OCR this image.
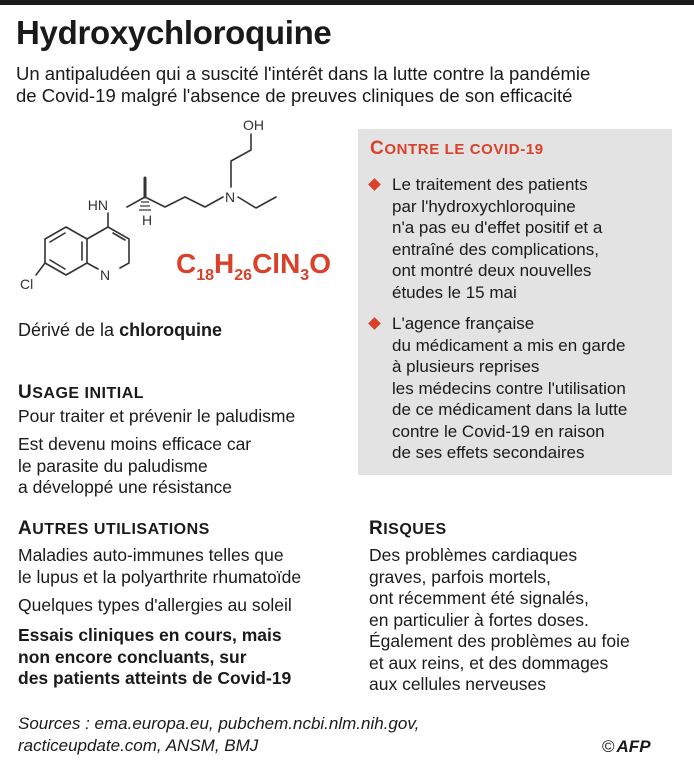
Hydroxychloroquine
Un antipaludéen qui a suscité l'intérêt dans la lutte contre la pandémie
de Covid-19 malgré l'absence de preuves cliniques de son efficacité
HN
H
N
OH
N
Cl
$C_{18}H_{26}ClN_3O$
Dérivé de la chloroquine
USAGE INITIAL
Pour traiter et prévenir le paludisme
Est devenu moins efficace car
le parasite du paludisme
a développé une résistance
AUTRES UTILISATIONS
Maladies auto-immunes telles que
le lupus et la polyarthrite rhumatoïde
Quelques types d'allergies au soleil
Essais cliniques en cours, mais
non encore concluants, sur
des patients atteints de Covid-19
CONTRE LE COVID-19
Le traitement des patients
par l'hydroxychloroquine
n'a pas eu d'effet positif et a
entraîné des complications,
ont montré deux nouvelles
études le 15 mai
L'agence française
du médicament a mis en garde
à plusieurs reprises
les médecins contre l'utilisation
de ce médicament dans la lutte
contre le Covid-19 en raison
de ses effets secondaires
RISQUES
Des problèmes cardiaques
graves, parfois mortels,
ont récemment été signalés,
en particulier à fortes doses.
Également des problèmes au foie
et aux reins, et des dommages
aux cellules nerveuses
Sources : ema.europa.eu, pubchem.ncbi.nlm.nih.gov,
racticeupdate.com, ANSM, BMJ	© AFP
